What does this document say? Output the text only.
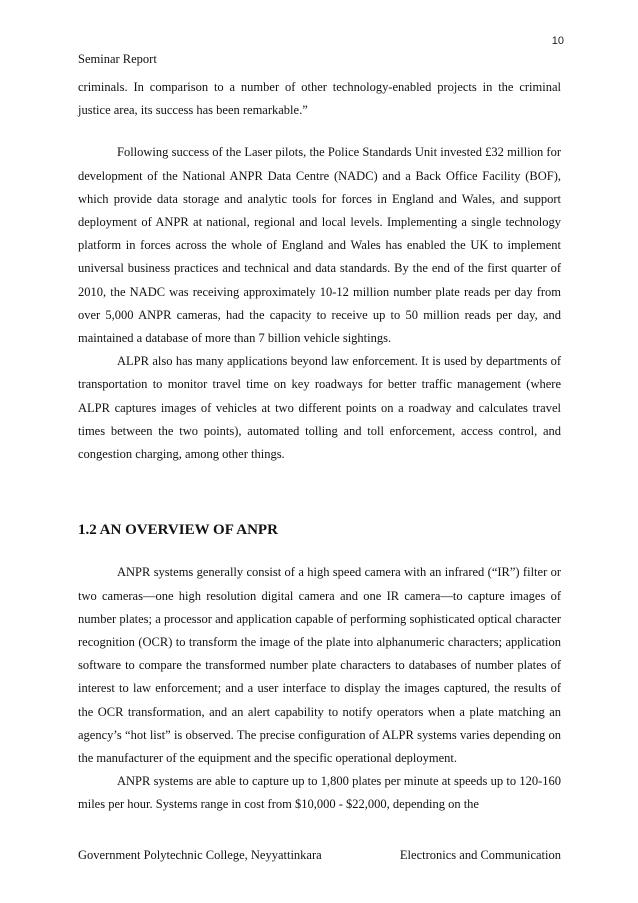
10
Seminar Report

criminals. In comparison to a number of other technology-enabled projects in the criminal justice area, its success has been remarkable.”

Following success of the Laser pilots, the Police Standards Unit invested £32 million for development of the National ANPR Data Centre (NADC) and a Back Office Facility (BOF), which provide data storage and analytic tools for forces in England and Wales, and support deployment of ANPR at national, regional and local levels. Implementing a single technology platform in forces across the whole of England and Wales has enabled the UK to implement universal business practices and technical and data standards. By the end of the first quarter of 2010, the NADC was receiving approximately 10-12 million number plate reads per day from over 5,000 ANPR cameras, had the capacity to receive up to 50 million reads per day, and maintained a database of more than 7 billion vehicle sightings.

ALPR also has many applications beyond law enforcement. It is used by departments of transportation to monitor travel time on key roadways for better traffic management (where ALPR captures images of vehicles at two different points on a roadway and calculates travel times between the two points), automated tolling and toll enforcement, access control, and congestion charging, among other things.

1.2 AN OVERVIEW OF ANPR

ANPR systems generally consist of a high speed camera with an infrared (“IR”) filter or two cameras—one high resolution digital camera and one IR camera—to capture images of number plates; a processor and application capable of performing sophisticated optical character recognition (OCR) to transform the image of the plate into alphanumeric characters; application software to compare the transformed number plate characters to databases of number plates of interest to law enforcement; and a user interface to display the images captured, the results of the OCR transformation, and an alert capability to notify operators when a plate matching an agency’s “hot list” is observed. The precise configuration of ALPR systems varies depending on the manufacturer of the equipment and the specific operational deployment.

ANPR systems are able to capture up to 1,800 plates per minute at speeds up to 120-160 miles per hour. Systems range in cost from $10,000 - $22,000, depending on the

Government Polytechnic College, Neyyattinkara	Electronics and Communication
